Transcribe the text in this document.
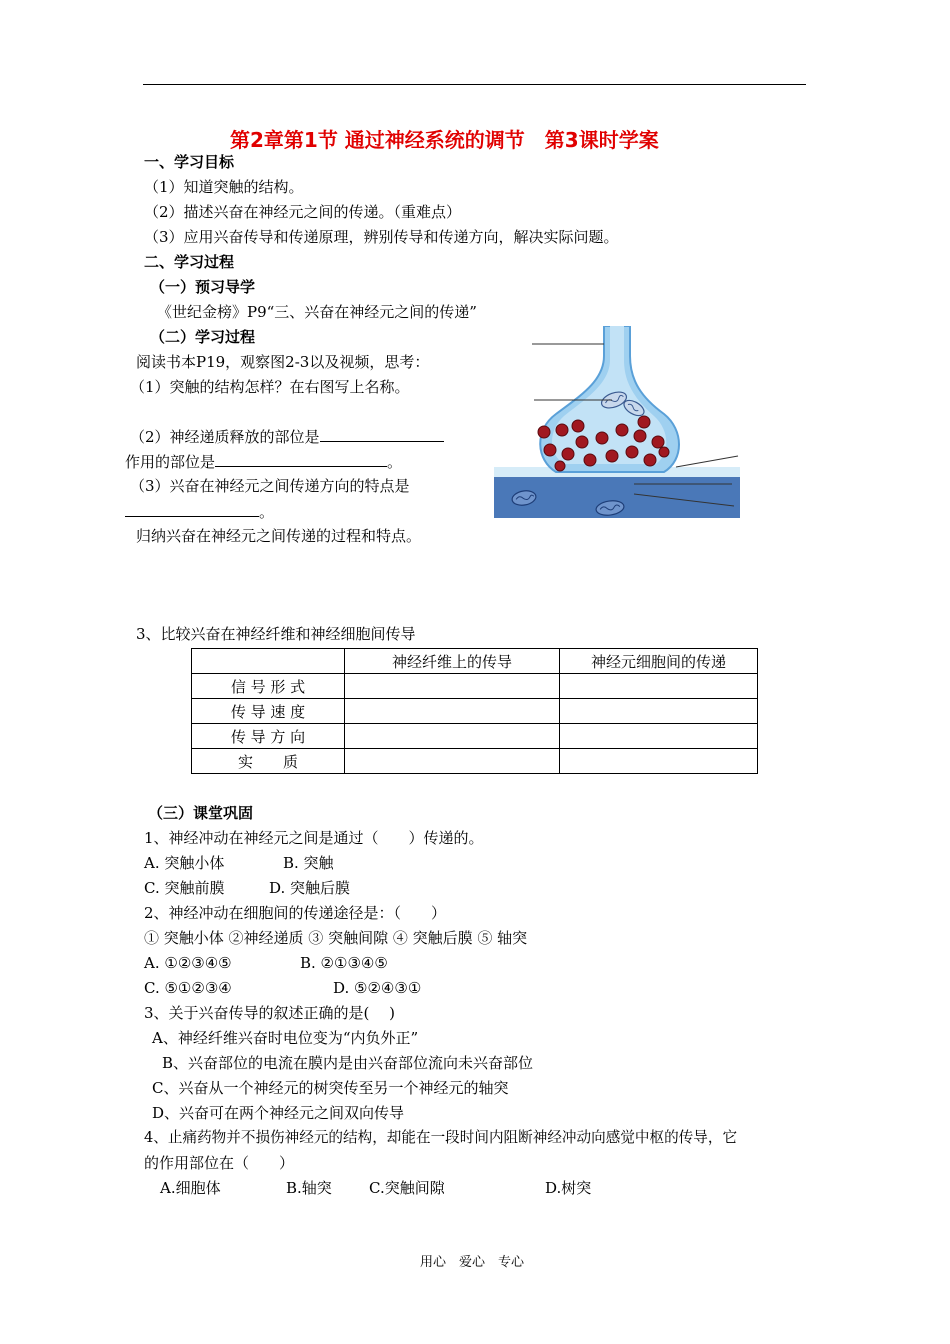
第2章第1节 通过神经系统的调节　第3课时学案
一、学习目标
（1）知道突触的结构。
（2）描述兴奋在神经元之间的传递。（重难点）
（3）应用兴奋传导和传递原理，辨别传导和传递方向，解决实际问题。
二、学习过程
（一）预习导学
《世纪金榜》P9“三、兴奋在神经元之间的传递”
（二）学习过程
阅读书本P19，观察图2-3以及视频，思考：
（1）突触的结构怎样？在右图写上名称。
（2）神经递质释放的部位是
作用的部位是	。
（3）兴奋在神经元之间传递方向的特点是
。
归纳兴奋在神经元之间传递的过程和特点。
3、比较兴奋在神经纤维和神经细胞间传导
	神经纤维上的传导	神经元细胞间的传递
信 号 形 式		
传 导 速 度		
传 导 方 向		
实　　质		
（三）课堂巩固
1、神经冲动在神经元之间是通过（　　）传递的。
A. 突触小体	B. 突触
C. 突触前膜	D. 突触后膜
2、神经冲动在细胞间的传递途径是：（　　）
① 突触小体 ②神经递质 ③ 突触间隙 ④ 突触后膜 ⑤ 轴突
A. ①②③④⑤	B. ②①③④⑤
C. ⑤①②③④	D. ⑤②④③①
3、关于兴奋传导的叙述正确的是(　 )
A、神经纤维兴奋时电位变为“内负外正”
B、兴奋部位的电流在膜内是由兴奋部位流向未兴奋部位
C、兴奋从一个神经元的树突传至另一个神经元的轴突
D、兴奋可在两个神经元之间双向传导
4、止痛药物并不损伤神经元的结构，却能在一段时间内阻断神经冲动向感觉中枢的传导，它
的作用部位在（　　）
A.细胞体	B.轴突 C.突触间隙	D.树突
用心　爱心　专心
